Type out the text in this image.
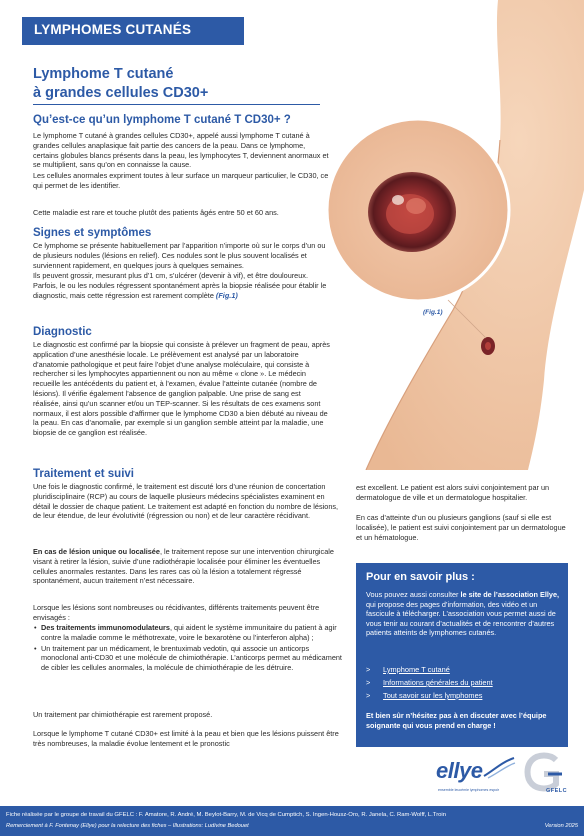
LYMPHOMES CUTANÉS
Lymphome T cutané
à grandes cellules CD30+
Qu’est-ce qu’un lymphome T cutané T CD30+ ?
Le lymphome T cutané à grandes cellules CD30+, appelé aussi lymphome T cutané à grandes cellules anaplasique fait partie des cancers de la peau. Dans ce lymphome, certains globules blancs présents dans la peau, les lymphocytes T, deviennent anormaux et se multiplient, sans qu’on en connaisse la cause.
Les cellules anormales expriment toutes à leur surface un marqueur particulier, le CD30, ce qui permet de les identifier.
Cette maladie est rare et touche plutôt des patients âgés entre 50 et 60 ans.
Signes et symptômes
Ce lymphome se présente habituellement par l’apparition n’importe où sur le corps d’un ou de plusieurs nodules (lésions en relief). Ces nodules sont le plus souvent localisés et surviennent rapidement, en quelques jours à quelques semaines.
Ils peuvent grossir, mesurant plus d’1 cm, s’ulcérer (devenir à vif), et être douloureux. Parfois, le ou les nodules régressent spontanément après la biopsie réalisée pour établir le diagnostic, mais cette régression est rarement complète (Fig.1)
Diagnostic
Le diagnostic est confirmé par la biopsie qui consiste à prélever un fragment de peau, après application d’une anesthésie locale. Le prélèvement est analysé par un laboratoire d’anatomie pathologique et peut faire l’objet d’une analyse moléculaire, qui consiste à rechercher si les lymphocytes appartiennent ou non au même « clone ». Le médecin recueille les antécédents du patient et, à l’examen, évalue l’atteinte cutanée (nombre de lésions). Il vérifie également l’absence de ganglion palpable. Une prise de sang est réalisée, ainsi qu’un scanner et/ou un TEP-scanner. Si les résultats de ces examens sont normaux, il est alors possible d’affirmer que le lymphome CD30 a bien débuté au niveau de la peau. En cas d’anomalie, par exemple si un ganglion semble atteint par la maladie, une biopsie de ce ganglion est réalisée.
(Fig.1)
Traitement et suivi
Une fois le diagnostic confirmé, le traitement est discuté lors d’une réunion de concertation pluridisciplinaire (RCP) au cours de laquelle plusieurs médecins spécialistes examinent en détail le dossier de chaque patient. Le traitement est adapté en fonction du nombre de lésions, de leur étendue, de leur évolutivité (régression ou non) et de leur caractère récidivant.
En cas de lésion unique ou localisée, le traitement repose sur une intervention chirurgicale visant à retirer la lésion, suivie d’une radiothérapie localisée pour éliminer les éventuelles cellules anormales restantes. Dans les rares cas où la lésion a totalement régressé spontanément, aucun traitement n’est nécessaire.
Lorsque les lésions sont nombreuses ou récidivantes, différents traitements peuvent être envisagés :
• Des traitements immunomodulateurs, qui aident le système immunitaire du patient à agir contre la maladie comme le méthotrexate, voire le bexarotène ou l’interferon alpha) ;
• Un traitement par un médicament, le brentuximab vedotin, qui associe un anticorps monoclonal anti-CD30 et une molécule de chimiothérapie. L’anticorps permet au médicament de cibler les cellules anormales, la molécule de chimiothérapie de les détruire.
Un traitement par chimiothérapie est rarement proposé.
Lorsque le lymphome T cutané CD30+ est limité à la peau et bien que les lésions puissent être très nombreuses, la maladie évolue lentement et le pronostic
est excellent. Le patient est alors suivi conjointement par un dermatologue de ville et un dermatologue hospitalier.
En cas d’atteinte d’un ou plusieurs ganglions (sauf si elle est localisée), le patient est suivi conjointement par un dermatologue et un hématologue.
Pour en savoir plus :
Vous pouvez aussi consulter le site de l’association Ellye, qui propose des pages d’information, des vidéo et un fascicule à télécharger. L’association vous permet aussi de vous tenir au courant d’actualités et de rencontrer d’autres patients atteints de lymphomes cutanés.
> Lymphome T cutané
> Informations générales du patient
> Tout savoir sur les lymphomes
Et bien sûr n’hésitez pas à en discuter avec l’équipe soignante qui vous prend en charge !
ellye
ensemble leucémie lymphomes espoir	GFELC
Fiche réalisée par le groupe de travail du GFELC : F. Amatore, R. André, M. Beylot-Barry, M. de Vicq de Cumptich, S. Ingen-Housz-Oro, R. Janela, C. Ram-Wolff, L.Troin
Remerciement à F. Fontenay (Ellye) pour la relecture des fiches – Illustrations: Ludivine Bedouet	Version 2025
